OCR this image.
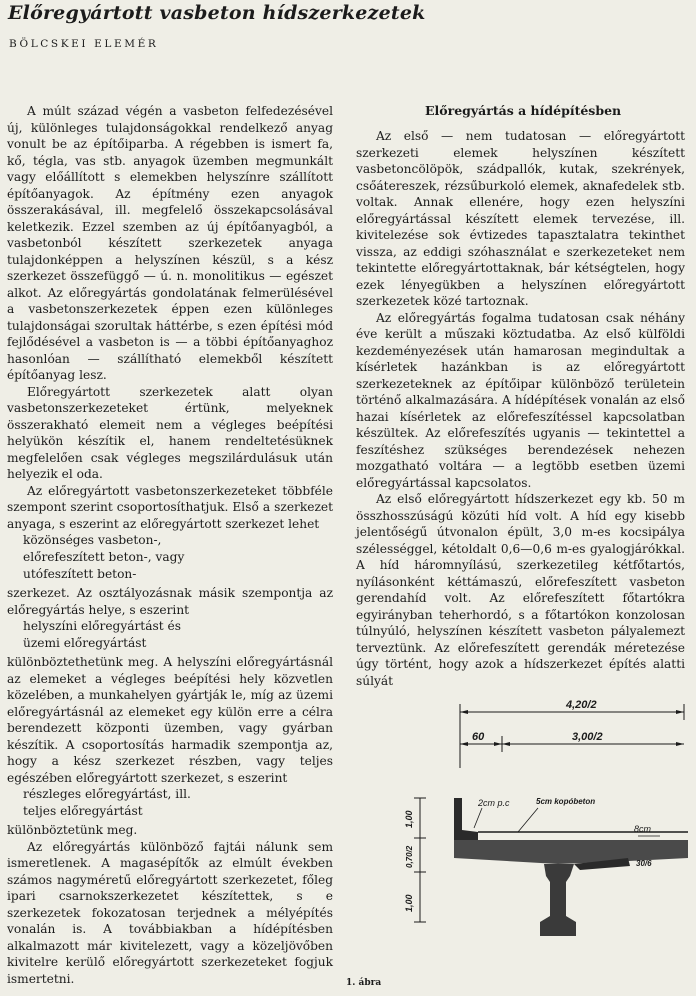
Előregyártott vasbeton hídszerkezetek
BÖLCSKEI ELEMÉR

A múlt század végén a vasbeton felfedezésével új, különleges tulajdonságokkal rendelkező anyag vonult be az építőiparba. A régebben is ismert fa, kő, tégla, vas stb. anyagok üzemben megmunkált vagy előállított s elemekben helyszínre szállított építőanyagok. Az építmény ezen anyagok összerakásával, ill. megfelelő összekapcsolásával keletkezik. Ezzel szemben az új építőanyagból, a vasbetonból készített szerkezetek anyaga tulajdonképpen a helyszínen készül, s a kész szerkezet összefüggő — ú. n. monolitikus — egészet alkot. Az előregyártás gondolatának felmerülésével a vasbetonszerkezetek éppen ezen különleges tulajdonságai szorultak háttérbe, s ezen építési mód fejlődésével a vasbeton is — a többi építőanyaghoz hasonlóan — szállítható elemekből készített építőanyag lesz.

Előregyártott szerkezetek alatt olyan vasbetonszerkezeteket értünk, melyeknek összerakható elemeit nem a végleges beépítési helyükön készítik el, hanem rendeltetésüknek megfelelően csak végleges megszilárdulásuk után helyezik el oda.

Az előregyártott vasbetonszerkezeteket többféle szempont szerint csoportosíthatjuk. Első a szerkezet anyaga, s eszerint az előregyártott szerkezet lehet

közönséges vasbeton-,
előrefeszített beton-, vagy
utófeszített beton-

szerkezet. Az osztályozásnak másik szempontja az előregyártás helye, s eszerint

helyszíni előregyártást és
üzemi előregyártást

különböztethetünk meg. A helyszíni előregyártásnál az elemeket a végleges beépítési hely közvetlen közelében, a munkahelyen gyártják le, míg az üzemi előregyártásnál az elemeket egy külön erre a célra berendezett központi üzemben, vagy gyárban készítik. A csoportosítás harmadik szempontja az, hogy a kész szerkezet részben, vagy teljes egészében előregyártott szerkezet, s eszerint

részleges előregyártást, ill.
teljes előregyártást

különböztetünk meg.

Az előregyártás különböző fajtái nálunk sem ismeretlenek. A magasépítők az elmúlt években számos nagyméretű előregyártott szerkezetet, főleg ipari csarnokszerkezetet készítettek, s e szerkezetek fokozatosan terjednek a mélyépítés vonalán is. A továbbiakban a hídépítésben alkalmazott már kivitelezett, vagy a közeljövőben kivitelre kerülő előregyártott szerkezeteket fogjuk ismertetni.

Előregyártás a hídépítésben

Az első — nem tudatosan — előregyártott szerkezeti elemek helyszínen készített vasbetoncölöpök, szádpallók, kutak, szekrények, csőátereszek, rézsűburkoló elemek, aknafedelek stb. voltak. Annak ellenére, hogy ezen helyszíni előregyártással készített elemek tervezése, ill. kivitelezése sok évtizedes tapasztalatra tekinthet vissza, az eddigi szóhasználat e szerkezeteket nem tekintette előregyártottaknak, bár kétségtelen, hogy ezek lényegükben a helyszínen előregyártott szerkezetek közé tartoznak.

Az előregyártás fogalma tudatosan csak néhány éve került a műszaki köztudatba. Az első külföldi kezdeményezések után hamarosan megindultak a kísérletek hazánkban is az előregyártott szerkezeteknek az építőipar különböző területein történő alkalmazására. A hídépítések vonalán az első hazai kísérletek az előrefeszítéssel kapcsolatban készültek. Az előrefeszítés ugyanis — tekintettel a feszítéshez szükséges berendezések nehezen mozgatható voltára — a legtöbb esetben üzemi előregyártással kapcsolatos.

Az első előregyártott hídszerkezet egy kb. 50 m összhosszúságú közúti híd volt. A híd egy kisebb jelentőségű útvonalon épült, 3,0 m-es kocsipálya szélességgel, kétoldalt 0,6—0,6 m-es gyalogjárókkal. A híd háromnyílású, szerkezetileg kétfőtartós, nyílásonként kéttámaszú, előrefeszített vasbeton gerendahíd volt. Az előrefeszített főtartókra egyirányban teherhordó, s a főtartókon konzolosan túlnyúló, helyszínen készített vasbeton pályalemezt terveztünk. Az előrefeszített gerendák méretezése úgy történt, hogy azok a hídszerkezet építés alatti súlyát

4,20/2
60	3,00/2
2cm p.c	5cm kopóbeton
8cm
30/6
1,00
0,70/2
1,00
1. ábra
